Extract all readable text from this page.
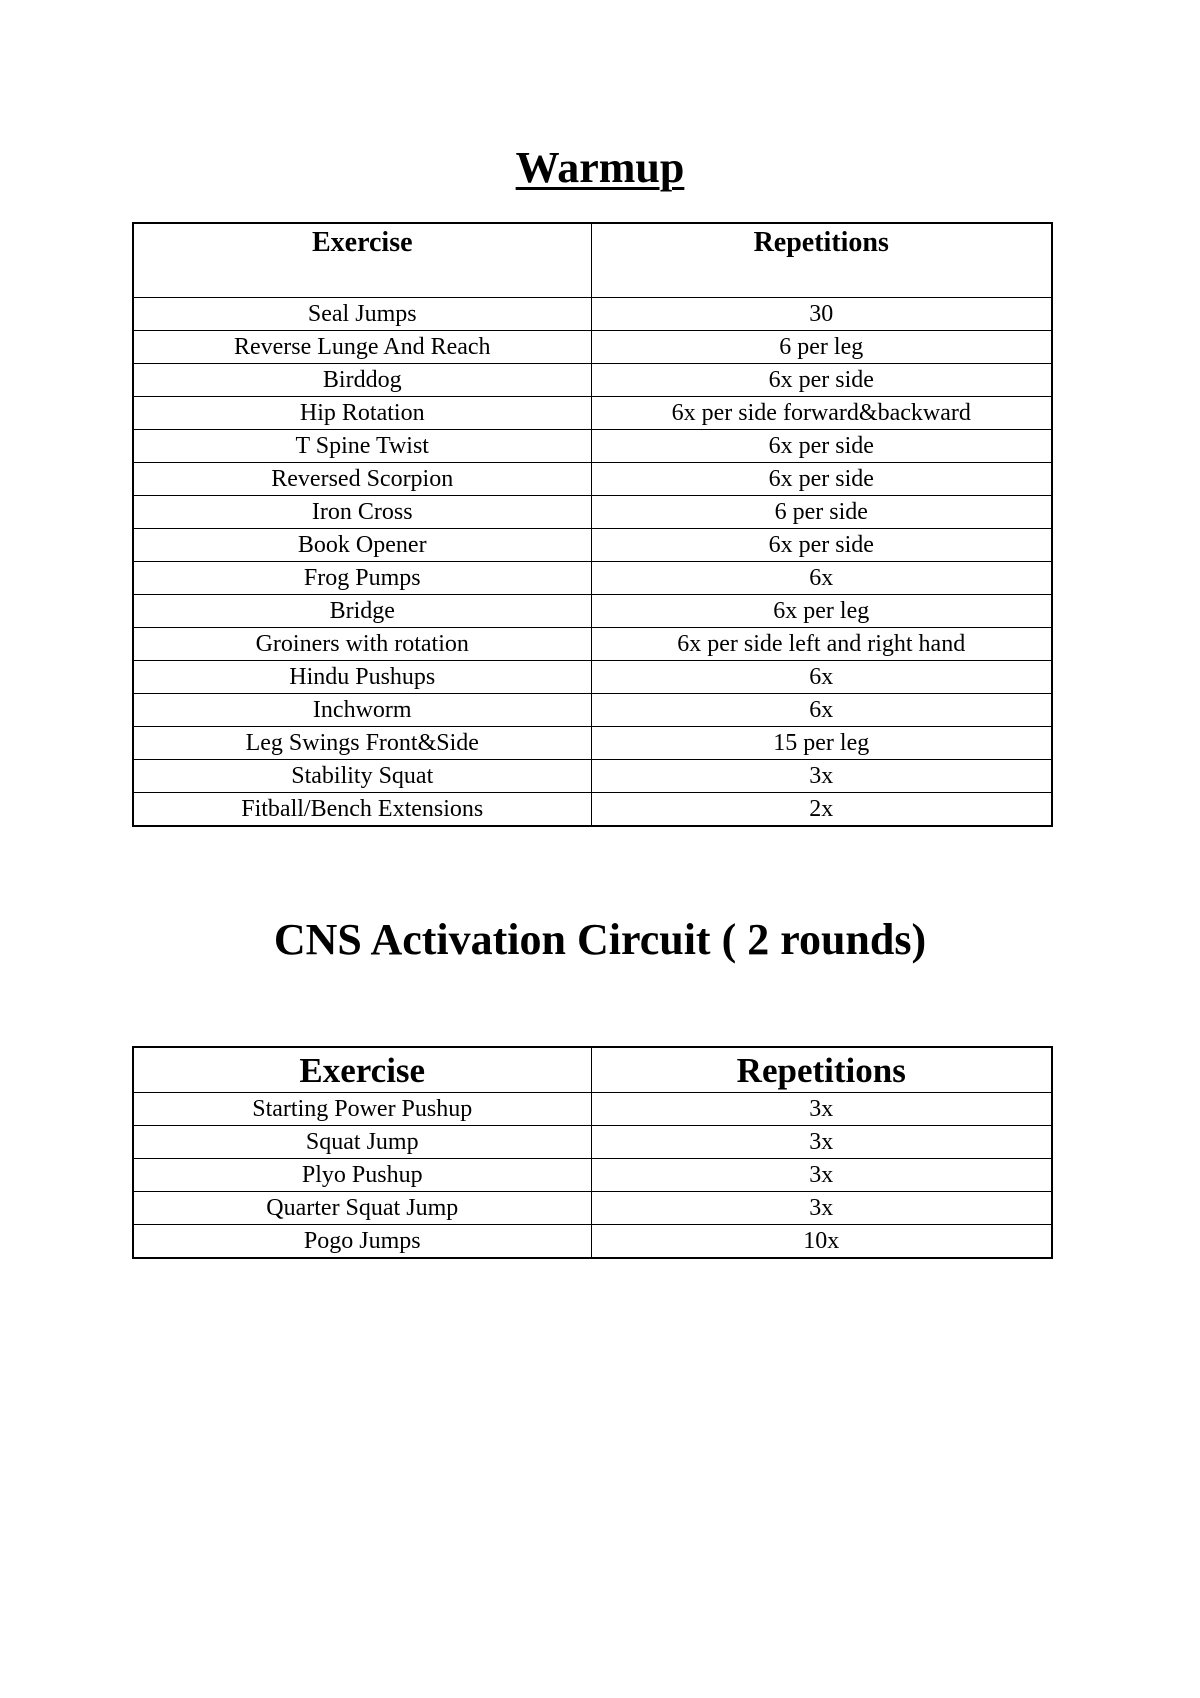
Warmup
Exercise	Repetitions
Seal Jumps	30
Reverse Lunge And Reach	6 per leg
Birddog	6x per side
Hip Rotation	6x per side forward&backward
T Spine Twist	6x per side
Reversed Scorpion	6x per side
Iron Cross	6 per side
Book Opener	6x per side
Frog Pumps	6x
Bridge	6x per leg
Groiners with rotation	6x per side left and right hand
Hindu Pushups	6x
Inchworm	6x
Leg Swings Front&Side	15 per leg
Stability Squat	3x
Fitball/Bench Extensions	2x
CNS Activation Circuit ( 2 rounds)
Exercise	Repetitions
Starting Power Pushup	3x
Squat Jump	3x
Plyo Pushup	3x
Quarter Squat Jump	3x
Pogo Jumps	10x
